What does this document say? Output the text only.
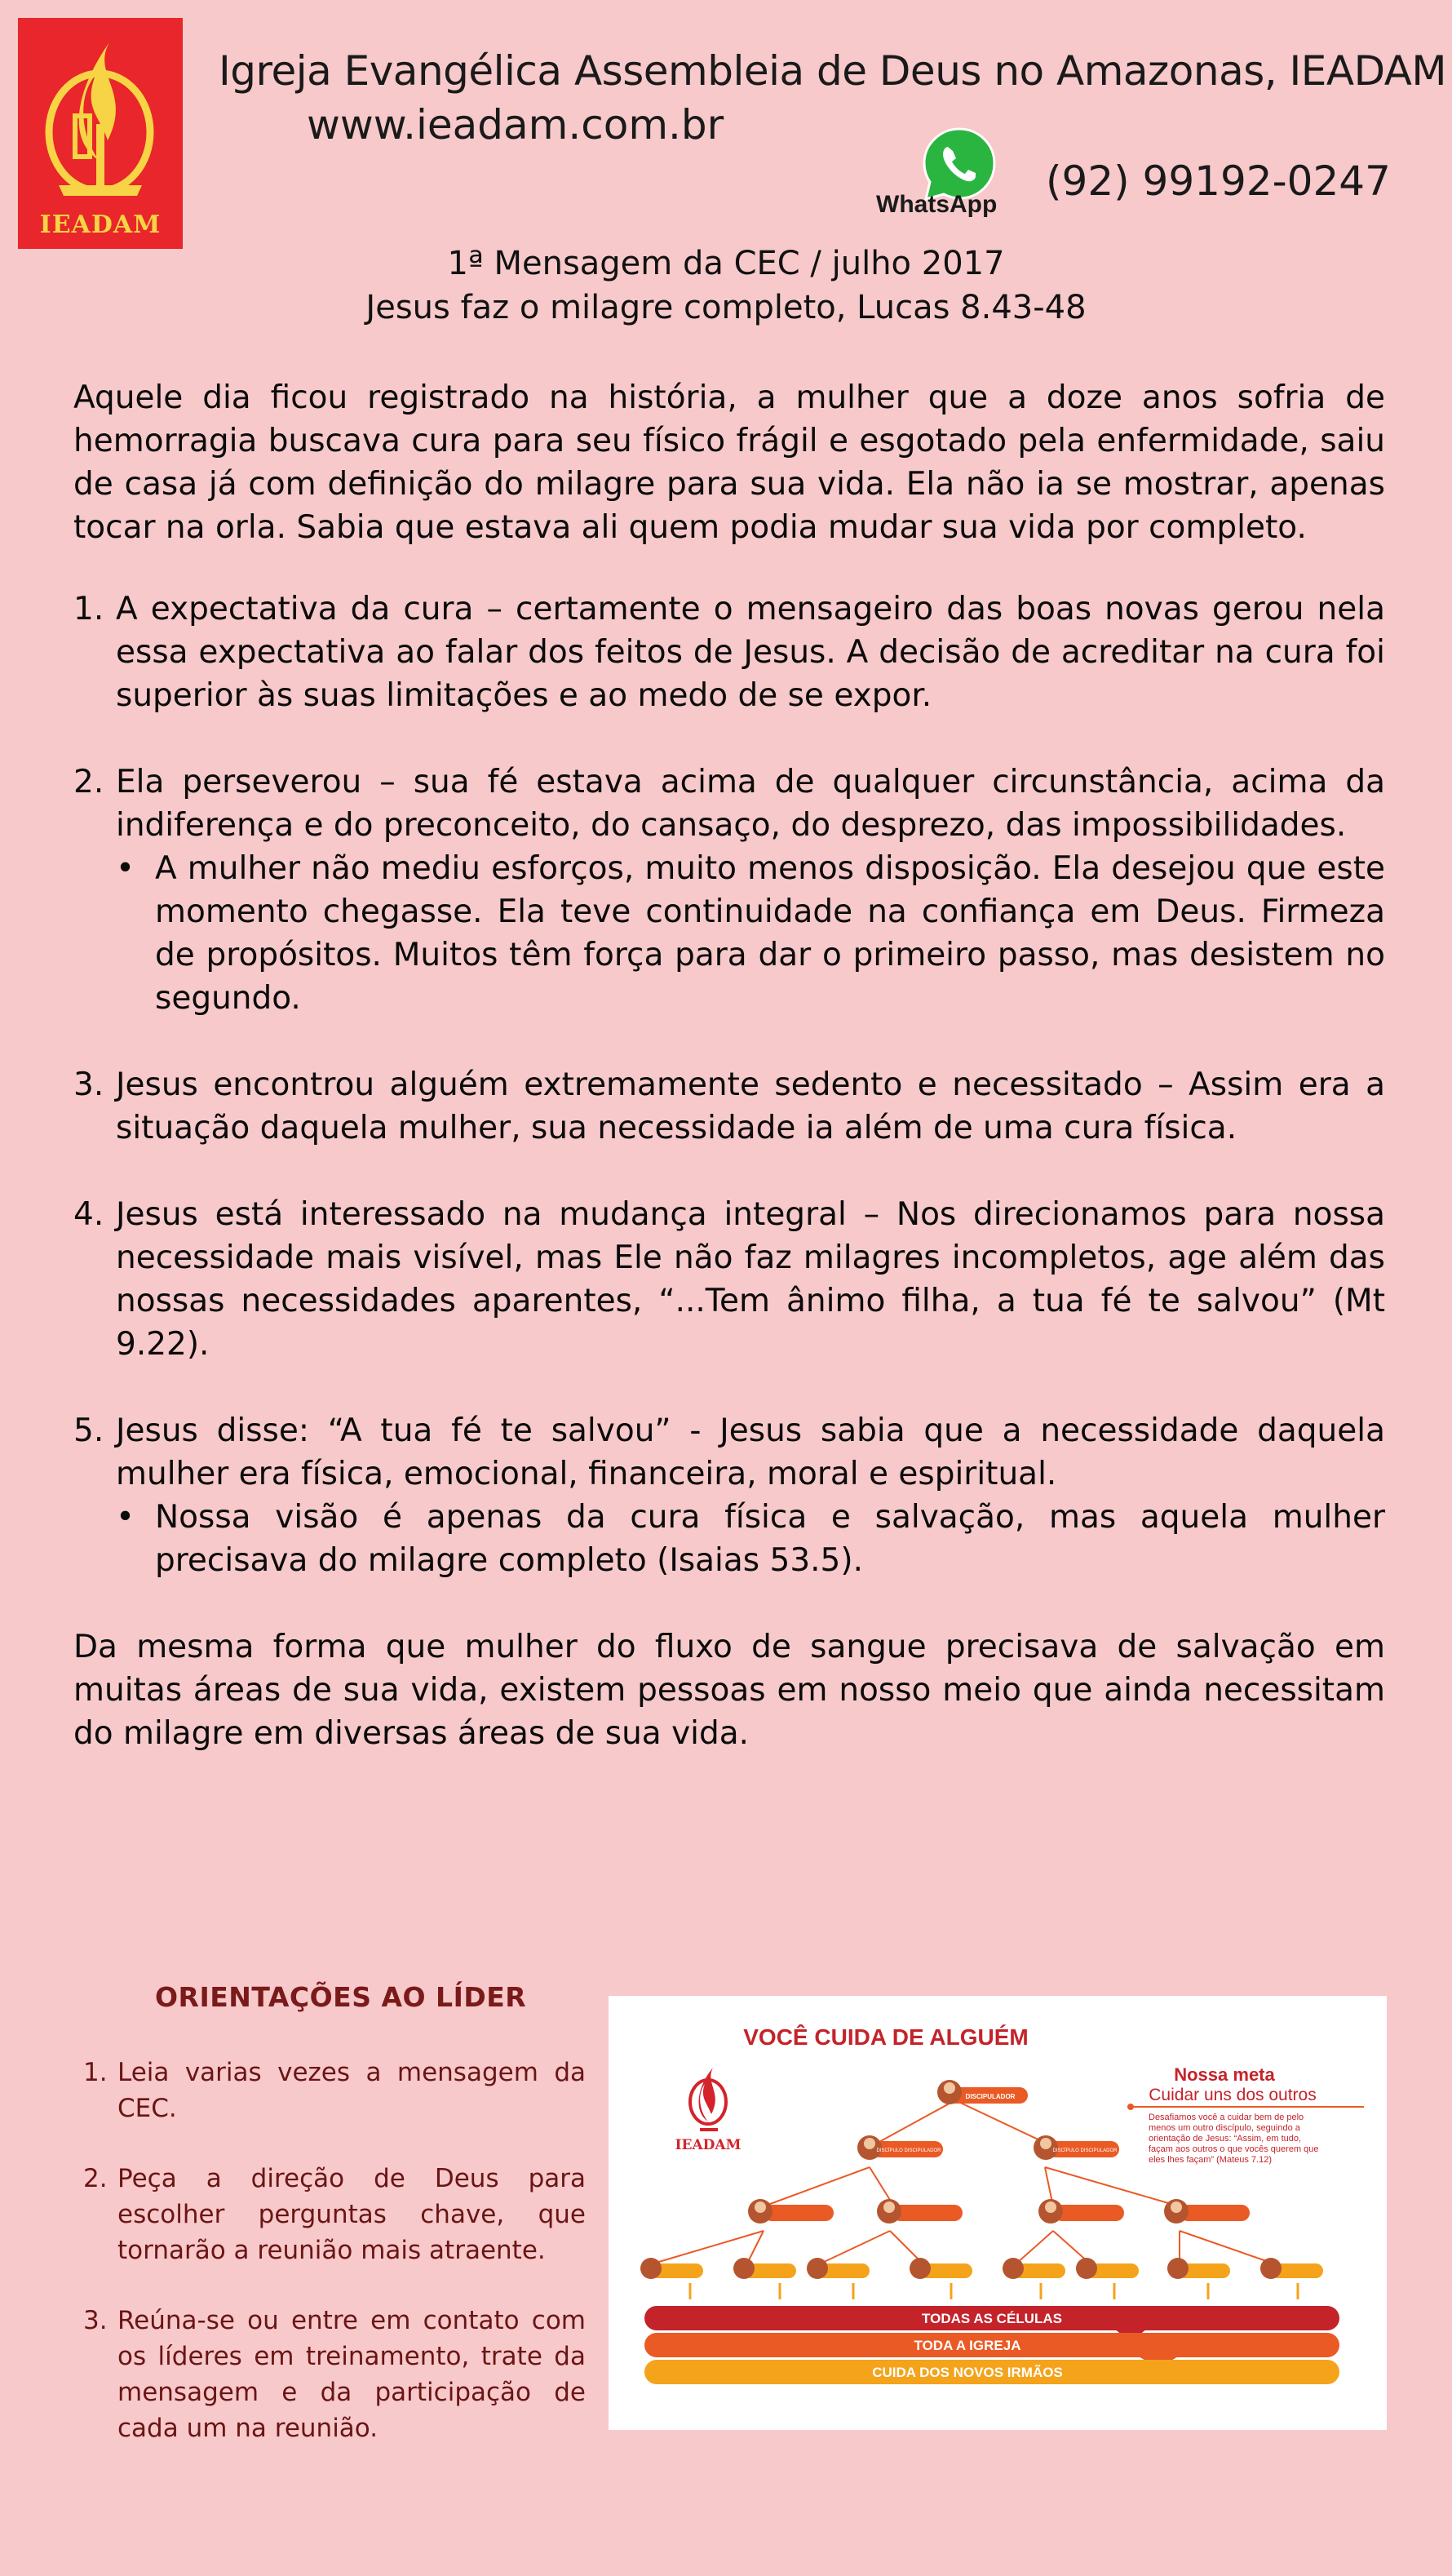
IEADAM
Igreja Evangélica Assembleia de Deus no Amazonas, IEADAM
www.ieadam.com.br
WhatsApp (92) 99192-0247
1ª Mensagem da CEC / julho 2017
Jesus faz o milagre completo, Lucas 8.43-48
Aquele dia ficou registrado na história, a mulher que a doze anos sofria de hemorragia buscava cura para seu físico frágil e esgotado pela enfermidade, saiu de casa já com definição do milagre para sua vida. Ela não ia se mostrar, apenas tocar na orla. Sabia que estava ali quem podia mudar sua vida por completo.
1. A expectativa da cura – certamente o mensageiro das boas novas gerou nela essa expectativa ao falar dos feitos de Jesus. A decisão de acreditar na cura foi superior às suas limitações e ao medo de se expor.
2. Ela perseverou – sua fé estava acima de qualquer circunstância, acima da indiferença e do preconceito, do cansaço, do desprezo, das impossibilidades.
• A mulher não mediu esforços, muito menos disposição. Ela desejou que este momento chegasse. Ela teve continuidade na confiança em Deus. Firmeza de propósitos. Muitos têm força para dar o primeiro passo, mas desistem no segundo.
3. Jesus encontrou alguém extremamente sedento e necessitado – Assim era a situação daquela mulher, sua necessidade ia além de uma cura física.
4. Jesus está interessado na mudança integral – Nos direcionamos para nossa necessidade mais visível, mas Ele não faz milagres incompletos, age além das nossas necessidades aparentes, “...Tem ânimo filha, a tua fé te salvou” (Mt 9.22).
5. Jesus disse: “A tua fé te salvou” - Jesus sabia que a necessidade daquela mulher era física, emocional, financeira, moral e espiritual.
• Nossa visão é apenas da cura física e salvação, mas aquela mulher precisava do milagre completo (Isaias 53.5).
Da mesma forma que mulher do fluxo de sangue precisava de salvação em muitas áreas de sua vida, existem pessoas em nosso meio que ainda necessitam do milagre em diversas áreas de sua vida.
ORIENTAÇÕES AO LÍDER
1. Leia varias vezes a mensagem da CEC.
2. Peça a direção de Deus para escolher perguntas chave, que tornarão a reunião mais atraente.
3. Reúna-se ou entre em contato com os líderes em treinamento, trate da mensagem e da participação de cada um na reunião.
VOCÊ CUIDA DE ALGUÉM
IEADAM
Nossa meta
Cuidar uns dos outros
Desafiamos você a cuidar bem de pelo
menos um outro discípulo, seguindo a
orientação de Jesus: “Assim, em tudo,
façam aos outros o que vocês querem que
eles lhes façam” (Mateus 7.12)
DISCIPULADOR
DISCÍPULO DISCIPULADOR	DISCÍPULO DISCIPULADOR
TODAS AS CÉLULAS
TODA A IGREJA
CUIDA DOS NOVOS IRMÃOS
